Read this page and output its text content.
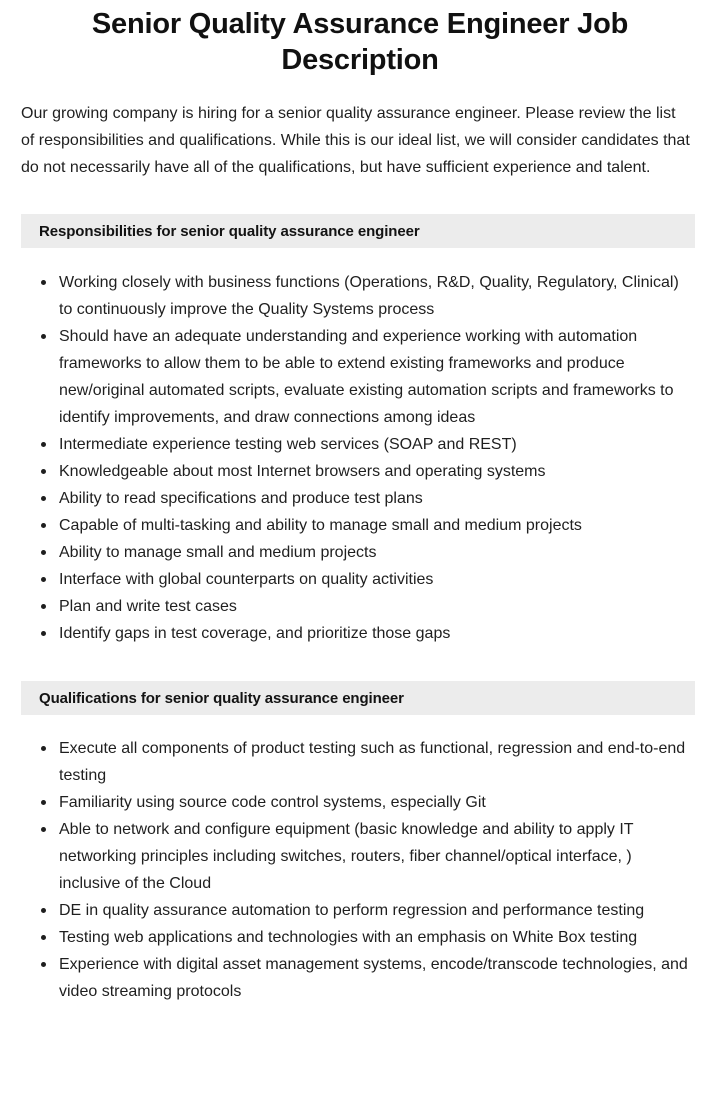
Senior Quality Assurance Engineer Job Description

Our growing company is hiring for a senior quality assurance engineer. Please review the list of responsibilities and qualifications. While this is our ideal list, we will consider candidates that do not necessarily have all of the qualifications, but have sufficient experience and talent.

Responsibilities for senior quality assurance engineer
Working closely with business functions (Operations, R&D, Quality, Regulatory, Clinical) to continuously improve the Quality Systems process
Should have an adequate understanding and experience working with automation frameworks to allow them to be able to extend existing frameworks and produce new/original automated scripts, evaluate existing automation scripts and frameworks to identify improvements, and draw connections among ideas
Intermediate experience testing web services (SOAP and REST)
Knowledgeable about most Internet browsers and operating systems
Ability to read specifications and produce test plans
Capable of multi-tasking and ability to manage small and medium projects
Ability to manage small and medium projects
Interface with global counterparts on quality activities
Plan and write test cases
Identify gaps in test coverage, and prioritize those gaps
Qualifications for senior quality assurance engineer
Execute all components of product testing such as functional, regression and end-to-end testing
Familiarity using source code control systems, especially Git
Able to network and configure equipment (basic knowledge and ability to apply IT networking principles including switches, routers, fiber channel/optical interface, ) inclusive of the Cloud
DE in quality assurance automation to perform regression and performance testing
Testing web applications and technologies with an emphasis on White Box testing
Experience with digital asset management systems, encode/transcode technologies, and video streaming protocols
